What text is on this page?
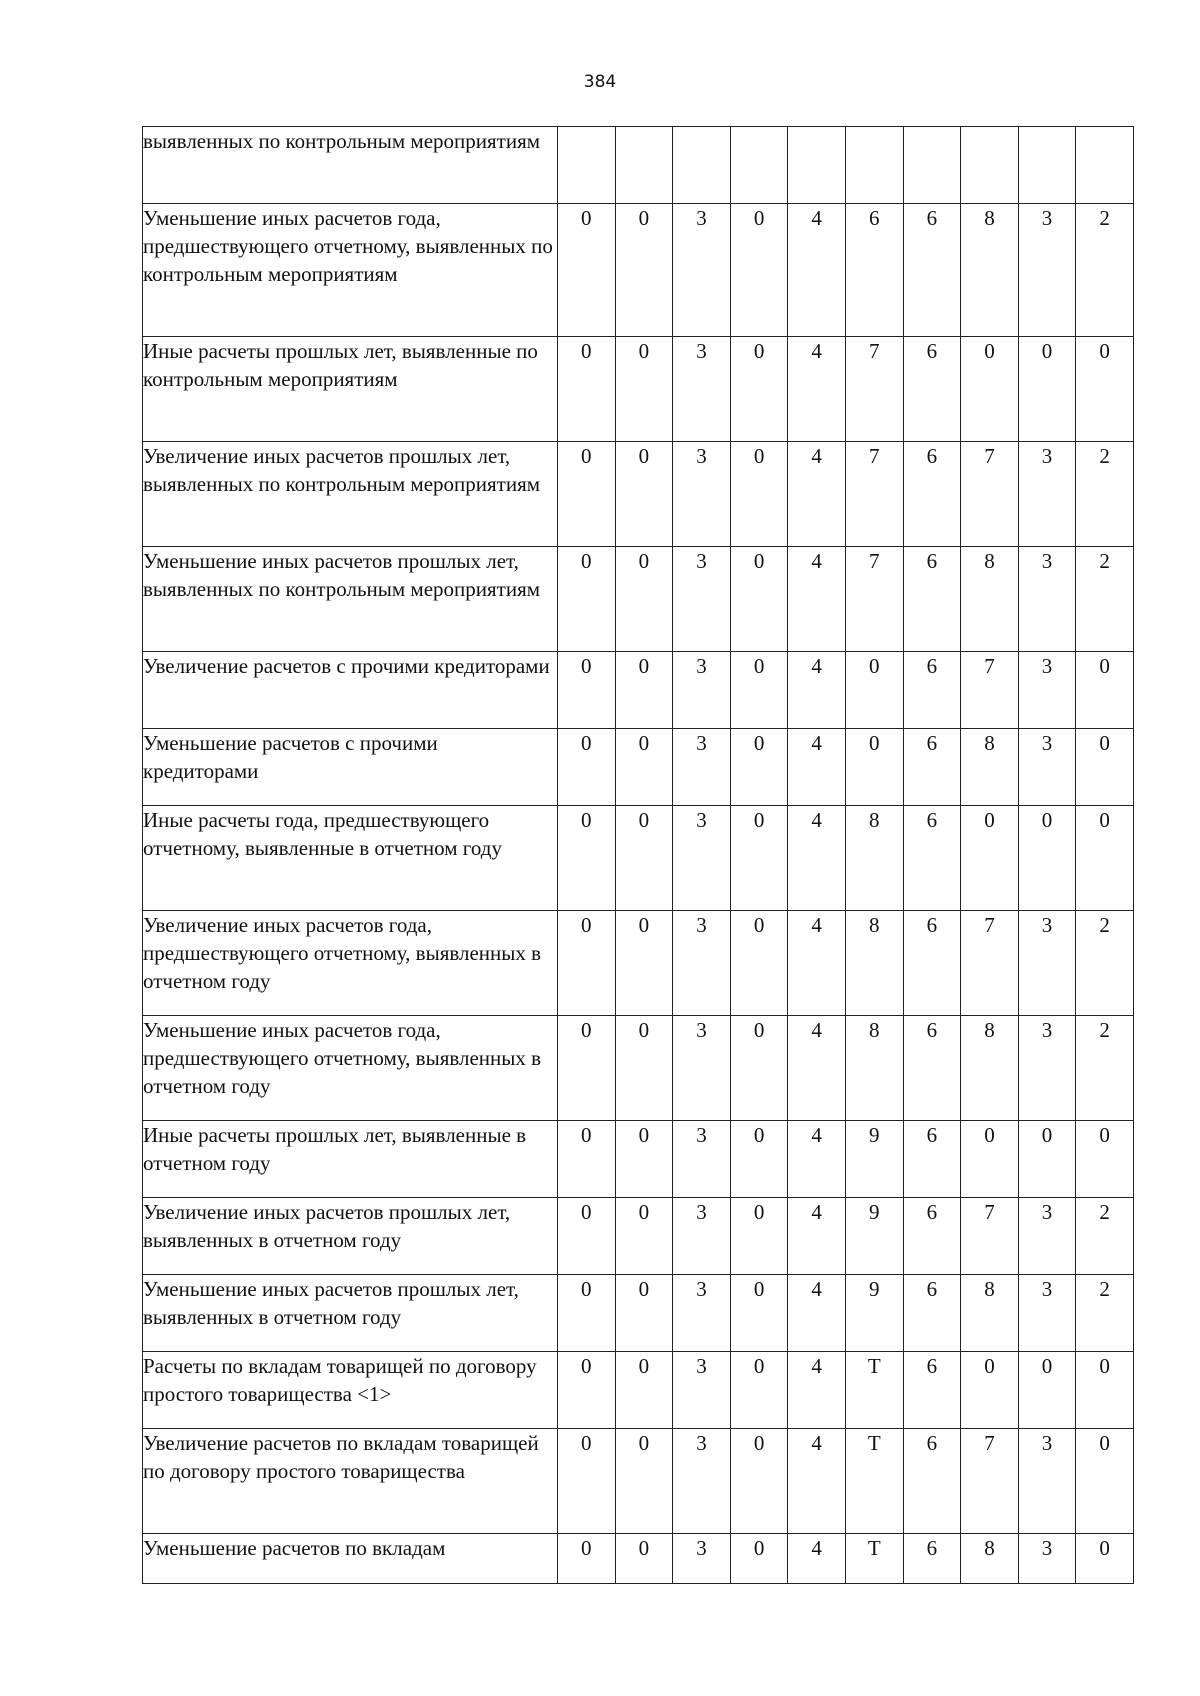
384
выявленных по контрольным мероприятиям										
Уменьшение иных расчетов года, предшествующего отчетному, выявленных по контрольным мероприятиям	0	0	3	0	4	6	6	8	3	2
Иные расчеты прошлых лет, выявленные по контрольным мероприятиям	0	0	3	0	4	7	6	0	0	0
Увеличение иных расчетов прошлых лет, выявленных по контрольным мероприятиям	0	0	3	0	4	7	6	7	3	2
Уменьшение иных расчетов прошлых лет, выявленных по контрольным мероприятиям	0	0	3	0	4	7	6	8	3	2
Увеличение расчетов с прочими кредиторами	0	0	3	0	4	0	6	7	3	0
Уменьшение расчетов с прочими кредиторами	0	0	3	0	4	0	6	8	3	0
Иные расчеты года, предшествующего отчетному, выявленные в отчетном году	0	0	3	0	4	8	6	0	0	0
Увеличение иных расчетов года, предшествующего отчетному, выявленных в отчетном году	0	0	3	0	4	8	6	7	3	2
Уменьшение иных расчетов года, предшествующего отчетному, выявленных в отчетном году	0	0	3	0	4	8	6	8	3	2
Иные расчеты прошлых лет, выявленные в отчетном году	0	0	3	0	4	9	6	0	0	0
Увеличение иных расчетов прошлых лет, выявленных в отчетном году	0	0	3	0	4	9	6	7	3	2
Уменьшение иных расчетов прошлых лет, выявленных в отчетном году	0	0	3	0	4	9	6	8	3	2
Расчеты по вкладам товарищей по договору простого товарищества <1>	0	0	3	0	4	Т	6	0	0	0
Увеличение расчетов по вкладам товарищей по договору простого товарищества	0	0	3	0	4	Т	6	7	3	0
Уменьшение расчетов по вкладам	0	0	3	0	4	Т	6	8	3	0
